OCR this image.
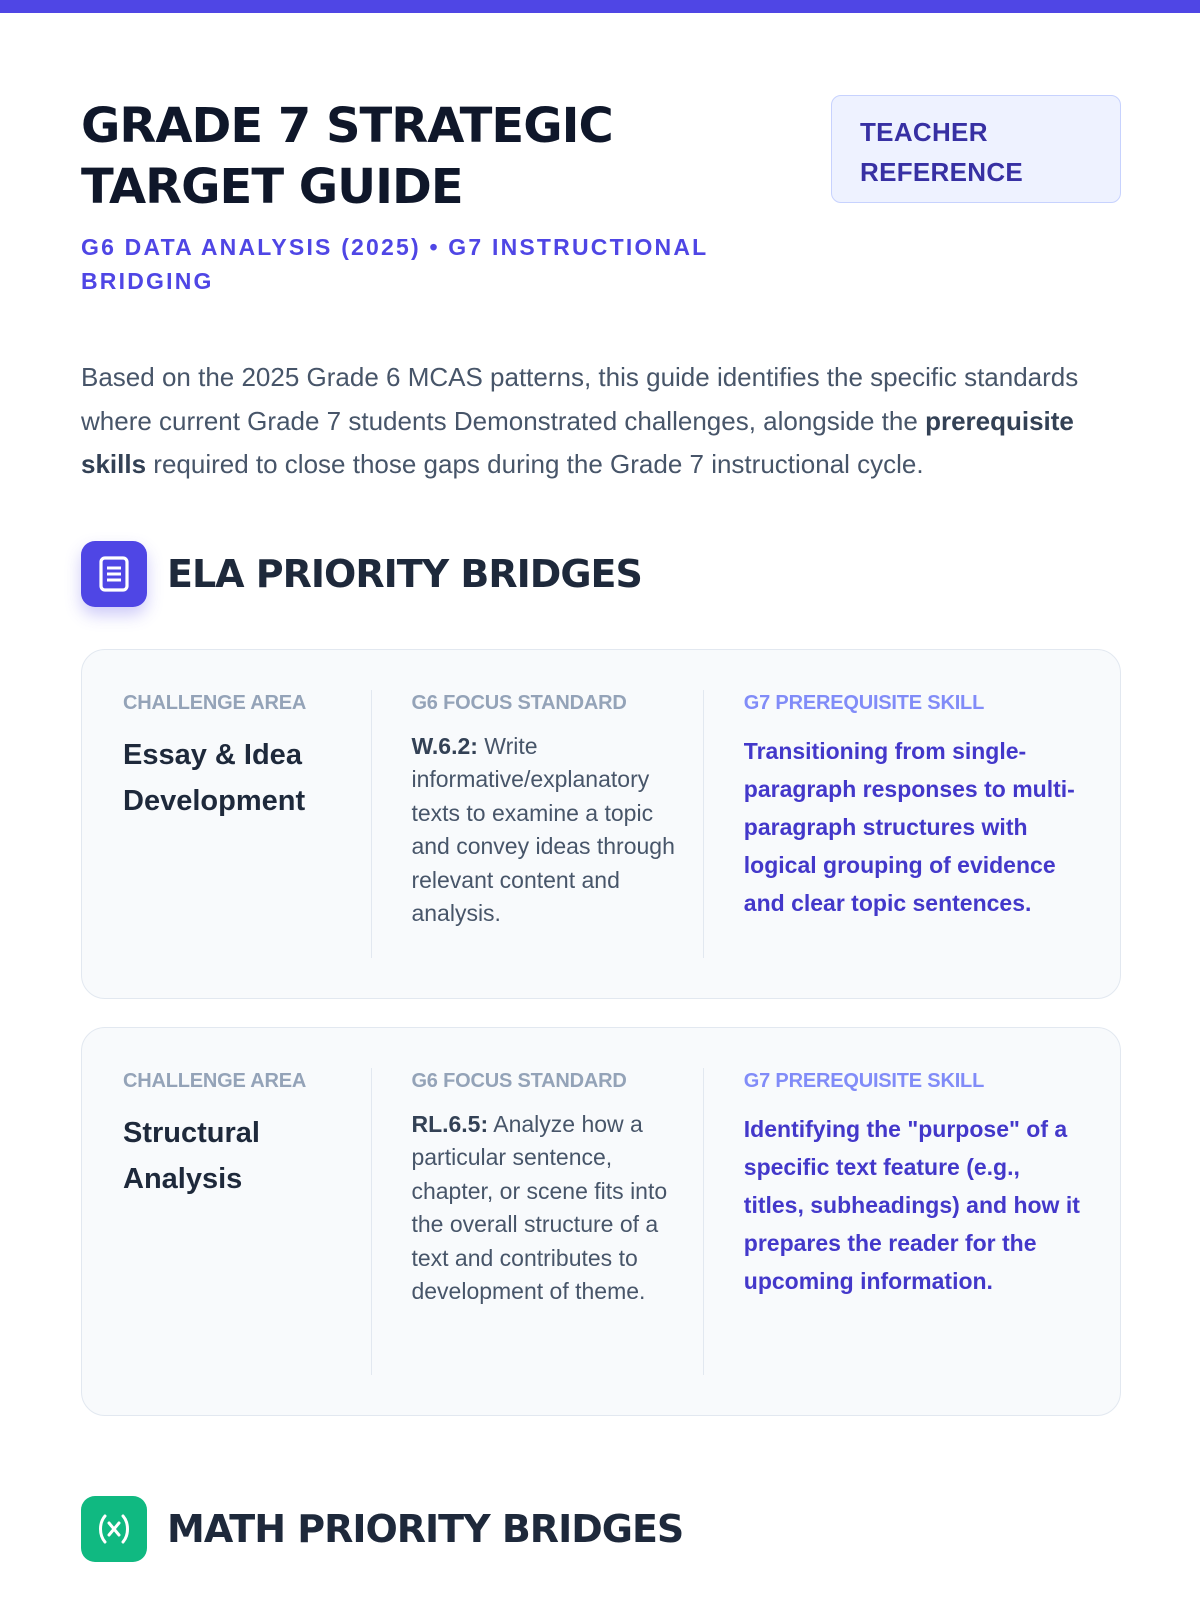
GRADE 7 STRATEGIC
TARGET GUIDE
G6 DATA ANALYSIS (2025) • G7 INSTRUCTIONAL BRIDGING
TEACHER REFERENCE

Based on the 2025 Grade 6 MCAS patterns, this guide identifies the specific standards where current Grade 7 students Demonstrated challenges, alongside the prerequisite skills required to close those gaps during the Grade 7 instructional cycle.

ELA PRIORITY BRIDGES
CHALLENGE AREA
Essay & Idea Development
G6 FOCUS STANDARD
W.6.2: Write informative/explanatory texts to examine a topic and convey ideas through relevant content and analysis.
G7 PREREQUISITE SKILL
Transitioning from single-paragraph responses to multi-paragraph structures with logical grouping of evidence and clear topic sentences.
CHALLENGE AREA
Structural Analysis
G6 FOCUS STANDARD
RL.6.5: Analyze how a particular sentence, chapter, or scene fits into the overall structure of a text and contributes to development of theme.
G7 PREREQUISITE SKILL
Identifying the "purpose" of a specific text feature (e.g., titles, subheadings) and how it prepares the reader for the upcoming information.
MATH PRIORITY BRIDGES
